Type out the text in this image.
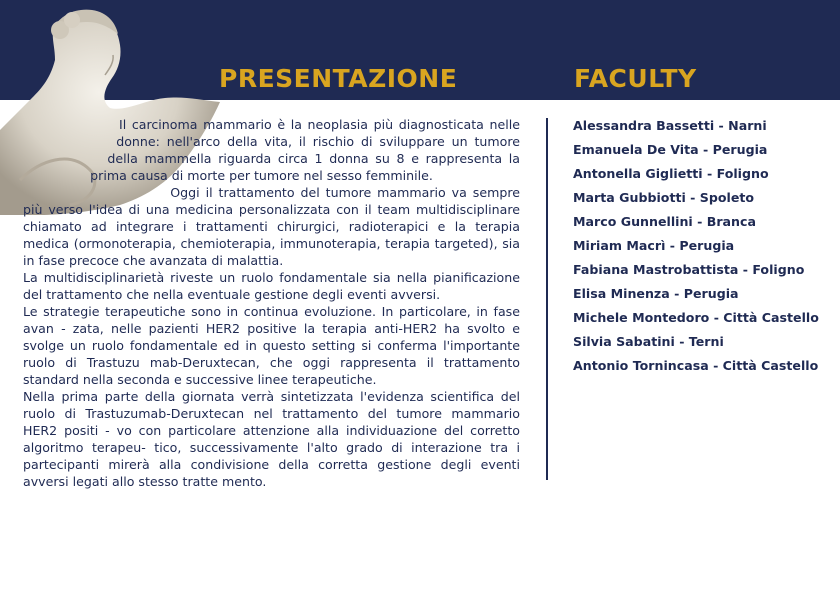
PRESENTAZIONE	FACULTY

Il carcinoma mammario è la neoplasia più diagnosticata nelle donne: nell'arco della vita, il rischio di sviluppare un tumore della mammella riguarda circa 1 donna su 8 e rappresenta la prima causa di morte per tumore nel sesso femminile.

Oggi il trattamento del tumore mammario va sempre più verso l'idea di una medicina personalizzata con il team multidisciplinare chiamato ad integrare i trattamenti chirurgici, radioterapici e la terapia medica (ormonoterapia, chemioterapia, immunoterapia, terapia targeted), sia in fase precoce che avanzata di malattia.

La multidisciplinarietà riveste un ruolo fondamentale sia nella pianificazione del trattamento che nella eventuale gestione degli eventi avversi.

Le strategie terapeutiche sono in continua evoluzione. In particolare, in fase avan - zata, nelle pazienti HER2 positive la terapia anti-HER2 ha svolto e svolge un ruolo fondamentale ed in questo setting si conferma l'importante ruolo di Trastuzu mab-Deruxtecan, che oggi rappresenta il trattamento standard nella seconda e successive linee terapeutiche.

Nella prima parte della giornata verrà sintetizzata l'evidenza scientifica del ruolo di Trastuzumab-Deruxtecan nel trattamento del tumore mammario HER2 positi - vo con particolare attenzione alla individuazione del corretto algoritmo terapeu- tico, successivamente l'alto grado di interazione tra i partecipanti mirerà alla condivisione della corretta gestione degli eventi avversi legati allo stesso tratte mento.

Alessandra Bassetti - Narni
Emanuela De Vita - Perugia
Antonella Giglietti - Foligno
Marta Gubbiotti - Spoleto
Marco Gunnellini - Branca
Miriam Macrì - Perugia
Fabiana Mastrobattista - Foligno
Elisa Minenza - Perugia
Michele Montedoro - Città Castello
Silvia Sabatini - Terni
Antonio Tornincasa - Città Castello
